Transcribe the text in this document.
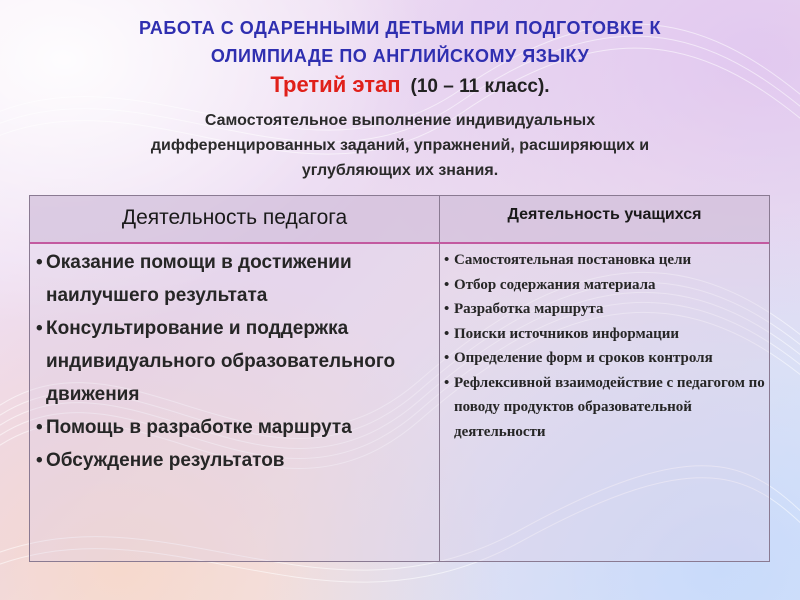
РАБОТА С ОДАРЕННЫМИ ДЕТЬМИ ПРИ ПОДГОТОВКЕ К
ОЛИМПИАДЕ ПО АНГЛИЙСКОМУ ЯЗЫКУ
Третий этап (10 – 11 класс).
Самостоятельное выполнение индивидуальных
дифференцированных заданий, упражнений, расширяющих и
углубляющих их знания.
Деятельность педагога	Деятельность учащихся
• Оказание помощи в достижении наилучшего результата
• Консультирование и поддержка индивидуального образовательного движения
• Помощь в разработке маршрута
• Обсуждение результатов
• Самостоятельная постановка цели
• Отбор содержания материала
• Разработка маршрута
• Поиски источников информации
• Определение форм и сроков контроля
• Рефлексивной взаимодействие с педагогом по поводу продуктов образовательной деятельности
